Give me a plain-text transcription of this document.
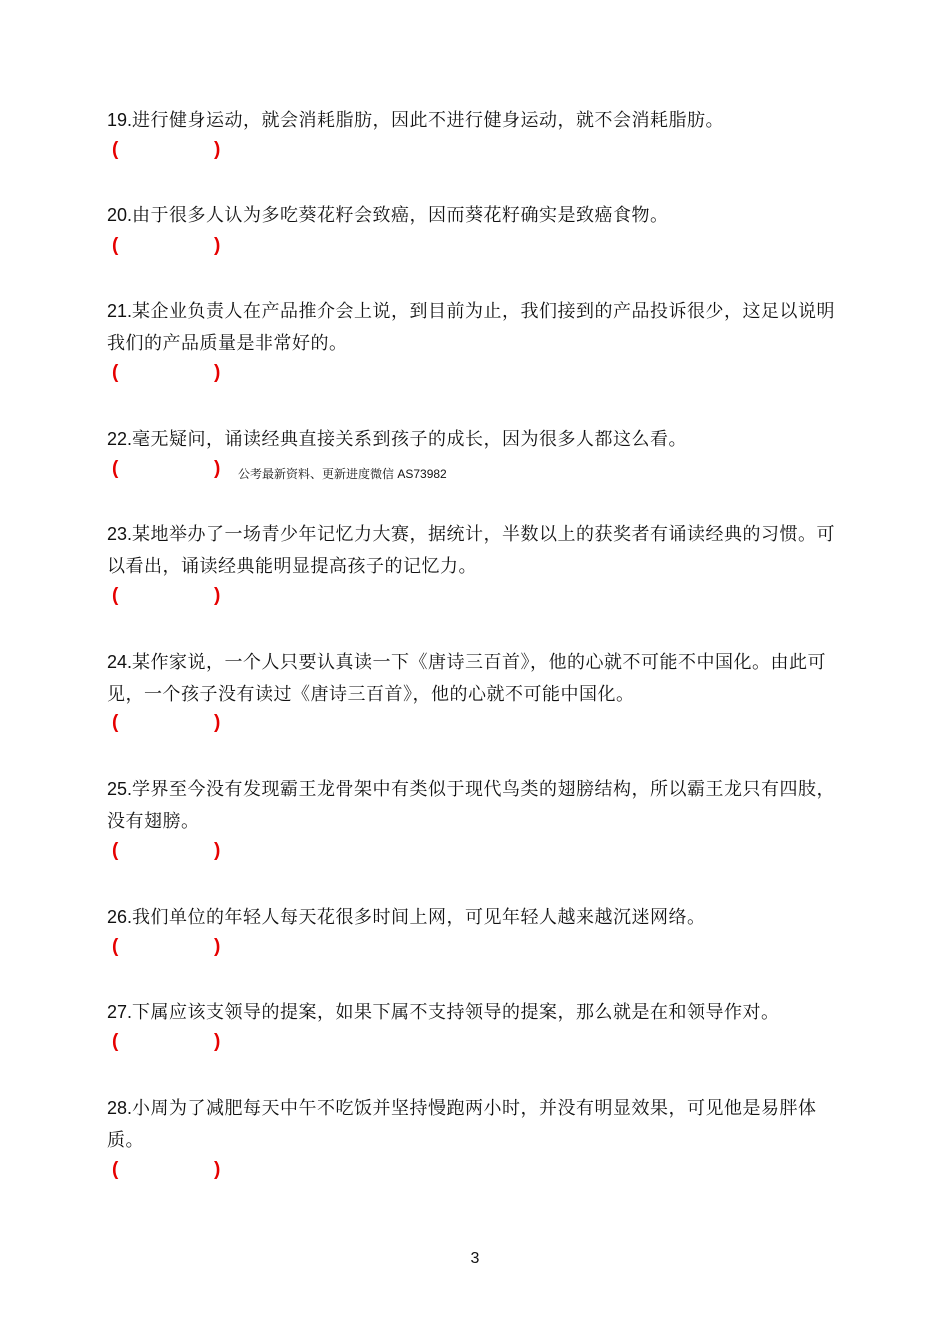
19.进行健身运动，就会消耗脂肪，因此不进行健身运动，就不会消耗脂肪。

(	)

20.由于很多人认为多吃葵花籽会致癌，因而葵花籽确实是致癌食物。

(	)

21.某企业负责人在产品推介会上说，到目前为止，我们接到的产品投诉很少，这足以说明我们的产品质量是非常好的。

(	)

22.毫无疑问，诵读经典直接关系到孩子的成长，因为很多人都这么看。

(	) 公考最新资料、更新进度微信 AS73982

23.某地举办了一场青少年记忆力大赛，据统计，半数以上的获奖者有诵读经典的习惯。可以看出，诵读经典能明显提高孩子的记忆力。

(	)

24.某作家说，一个人只要认真读一下《唐诗三百首》，他的心就不可能不中国化。由此可见，一个孩子没有读过《唐诗三百首》，他的心就不可能中国化。

(	)

25.学界至今没有发现霸王龙骨架中有类似于现代鸟类的翅膀结构，所以霸王龙只有四肢，没有翅膀。

(	)

26.我们单位的年轻人每天花很多时间上网，可见年轻人越来越沉迷网络。

(	)

27.下属应该支领导的提案，如果下属不支持领导的提案，那么就是在和领导作对。

(	)

28.小周为了减肥每天中午不吃饭并坚持慢跑两小时，并没有明显效果，可见他是易胖体质。

(	)
3
